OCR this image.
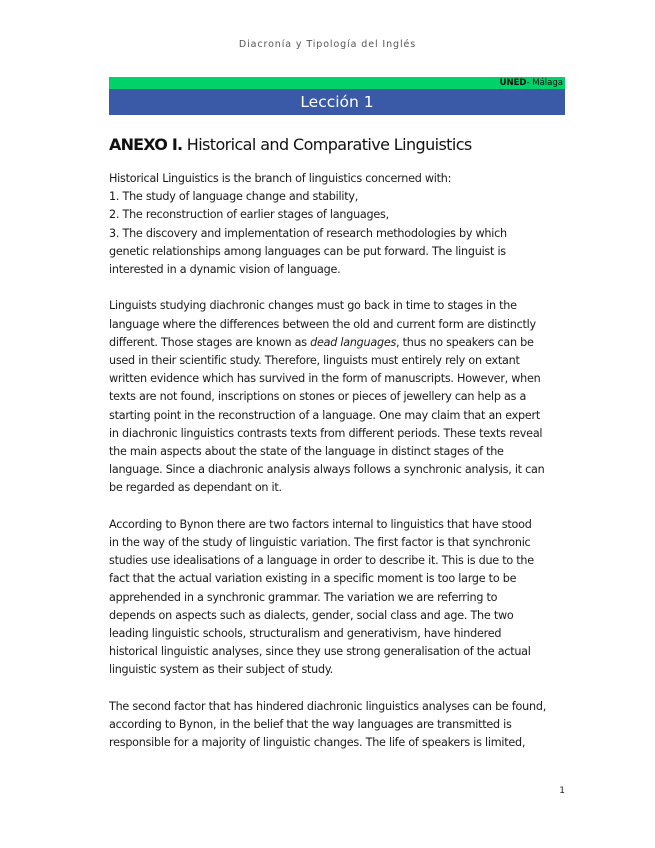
Diacronía y Tipología del Inglés
UNED- Málaga
Lección 1
ANEXO I. Historical and Comparative Linguistics

Historical Linguistics is the branch of linguistics concerned with:
1. The study of language change and stability,
2. The reconstruction of earlier stages of languages,
3. The discovery and implementation of research methodologies by which
genetic relationships among languages can be put forward. The linguist is
interested in a dynamic vision of language.

Linguists studying diachronic changes must go back in time to stages in the
language where the differences between the old and current form are distinctly
different. Those stages are known as dead languages, thus no speakers can be
used in their scientific study. Therefore, linguists must entirely rely on extant
written evidence which has survived in the form of manuscripts. However, when
texts are not found, inscriptions on stones or pieces of jewellery can help as a
starting point in the reconstruction of a language. One may claim that an expert
in diachronic linguistics contrasts texts from different periods. These texts reveal
the main aspects about the state of the language in distinct stages of the
language. Since a diachronic analysis always follows a synchronic analysis, it can
be regarded as dependant on it.

According to Bynon there are two factors internal to linguistics that have stood
in the way of the study of linguistic variation. The first factor is that synchronic
studies use idealisations of a language in order to describe it. This is due to the
fact that the actual variation existing in a specific moment is too large to be
apprehended in a synchronic grammar. The variation we are referring to
depends on aspects such as dialects, gender, social class and age. The two
leading linguistic schools, structuralism and generativism, have hindered
historical linguistic analyses, since they use strong generalisation of the actual
linguistic system as their subject of study.

The second factor that has hindered diachronic linguistics analyses can be found,
according to Bynon, in the belief that the way languages are transmitted is
responsible for a majority of linguistic changes. The life of speakers is limited,

1
